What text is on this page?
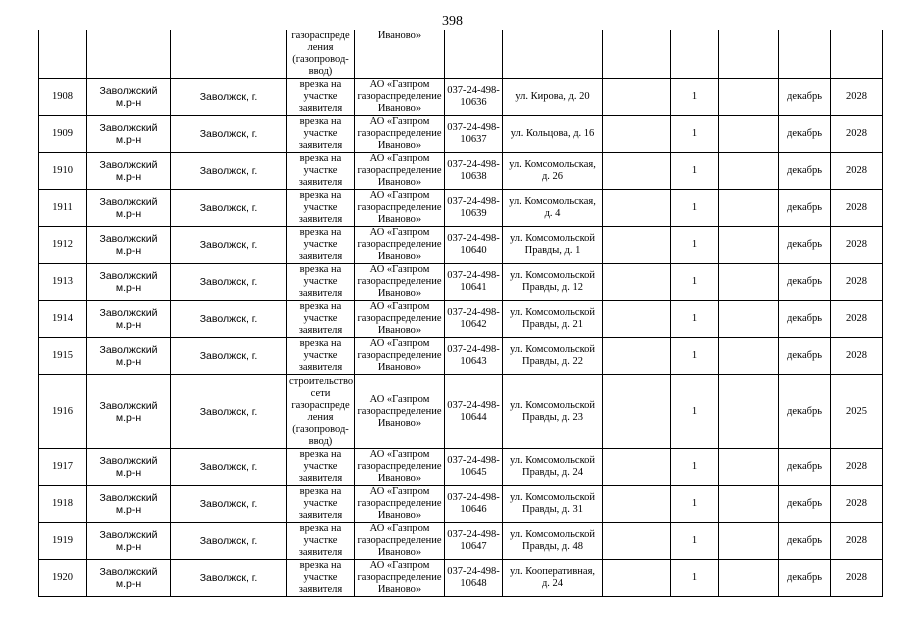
398
			газораспреде ления (газопровод-ввод)	Иваново»							
1908	Заволжский м.р-н	Заволжск, г.	врезка на участке заявителя	АО «Газпром газораспределение Иваново»	037-24-498-10636	ул. Кирова, д. 20		1		декабрь	2028
1909	Заволжский м.р-н	Заволжск, г.	врезка на участке заявителя	АО «Газпром газораспределение Иваново»	037-24-498-10637	ул. Кольцова, д. 16		1		декабрь	2028
1910	Заволжский м.р-н	Заволжск, г.	врезка на участке заявителя	АО «Газпром газораспределение Иваново»	037-24-498-10638	ул. Комсомольская, д. 26		1		декабрь	2028
1911	Заволжский м.р-н	Заволжск, г.	врезка на участке заявителя	АО «Газпром газораспределение Иваново»	037-24-498-10639	ул. Комсомольская, д. 4		1		декабрь	2028
1912	Заволжский м.р-н	Заволжск, г.	врезка на участке заявителя	АО «Газпром газораспределение Иваново»	037-24-498-10640	ул. Комсомольской Правды, д. 1		1		декабрь	2028
1913	Заволжский м.р-н	Заволжск, г.	врезка на участке заявителя	АО «Газпром газораспределение Иваново»	037-24-498-10641	ул. Комсомольской Правды, д. 12		1		декабрь	2028
1914	Заволжский м.р-н	Заволжск, г.	врезка на участке заявителя	АО «Газпром газораспределение Иваново»	037-24-498-10642	ул. Комсомольской Правды, д. 21		1		декабрь	2028
1915	Заволжский м.р-н	Заволжск, г.	врезка на участке заявителя	АО «Газпром газораспределение Иваново»	037-24-498-10643	ул. Комсомольской Правды, д. 22		1		декабрь	2028
1916	Заволжский м.р-н	Заволжск, г.	строительство сети газораспреде ления (газопровод-ввод)	АО «Газпром газораспределение Иваново»	037-24-498-10644	ул. Комсомольской Правды, д. 23		1		декабрь	2025
1917	Заволжский м.р-н	Заволжск, г.	врезка на участке заявителя	АО «Газпром газораспределение Иваново»	037-24-498-10645	ул. Комсомольской Правды, д. 24		1		декабрь	2028
1918	Заволжский м.р-н	Заволжск, г.	врезка на участке заявителя	АО «Газпром газораспределение Иваново»	037-24-498-10646	ул. Комсомольской Правды, д. 31		1		декабрь	2028
1919	Заволжский м.р-н	Заволжск, г.	врезка на участке заявителя	АО «Газпром газораспределение Иваново»	037-24-498-10647	ул. Комсомольской Правды, д. 48		1		декабрь	2028
1920	Заволжский м.р-н	Заволжск, г.	врезка на участке заявителя	АО «Газпром газораспределение Иваново»	037-24-498-10648	ул. Кооперативная, д. 24		1		декабрь	2028
